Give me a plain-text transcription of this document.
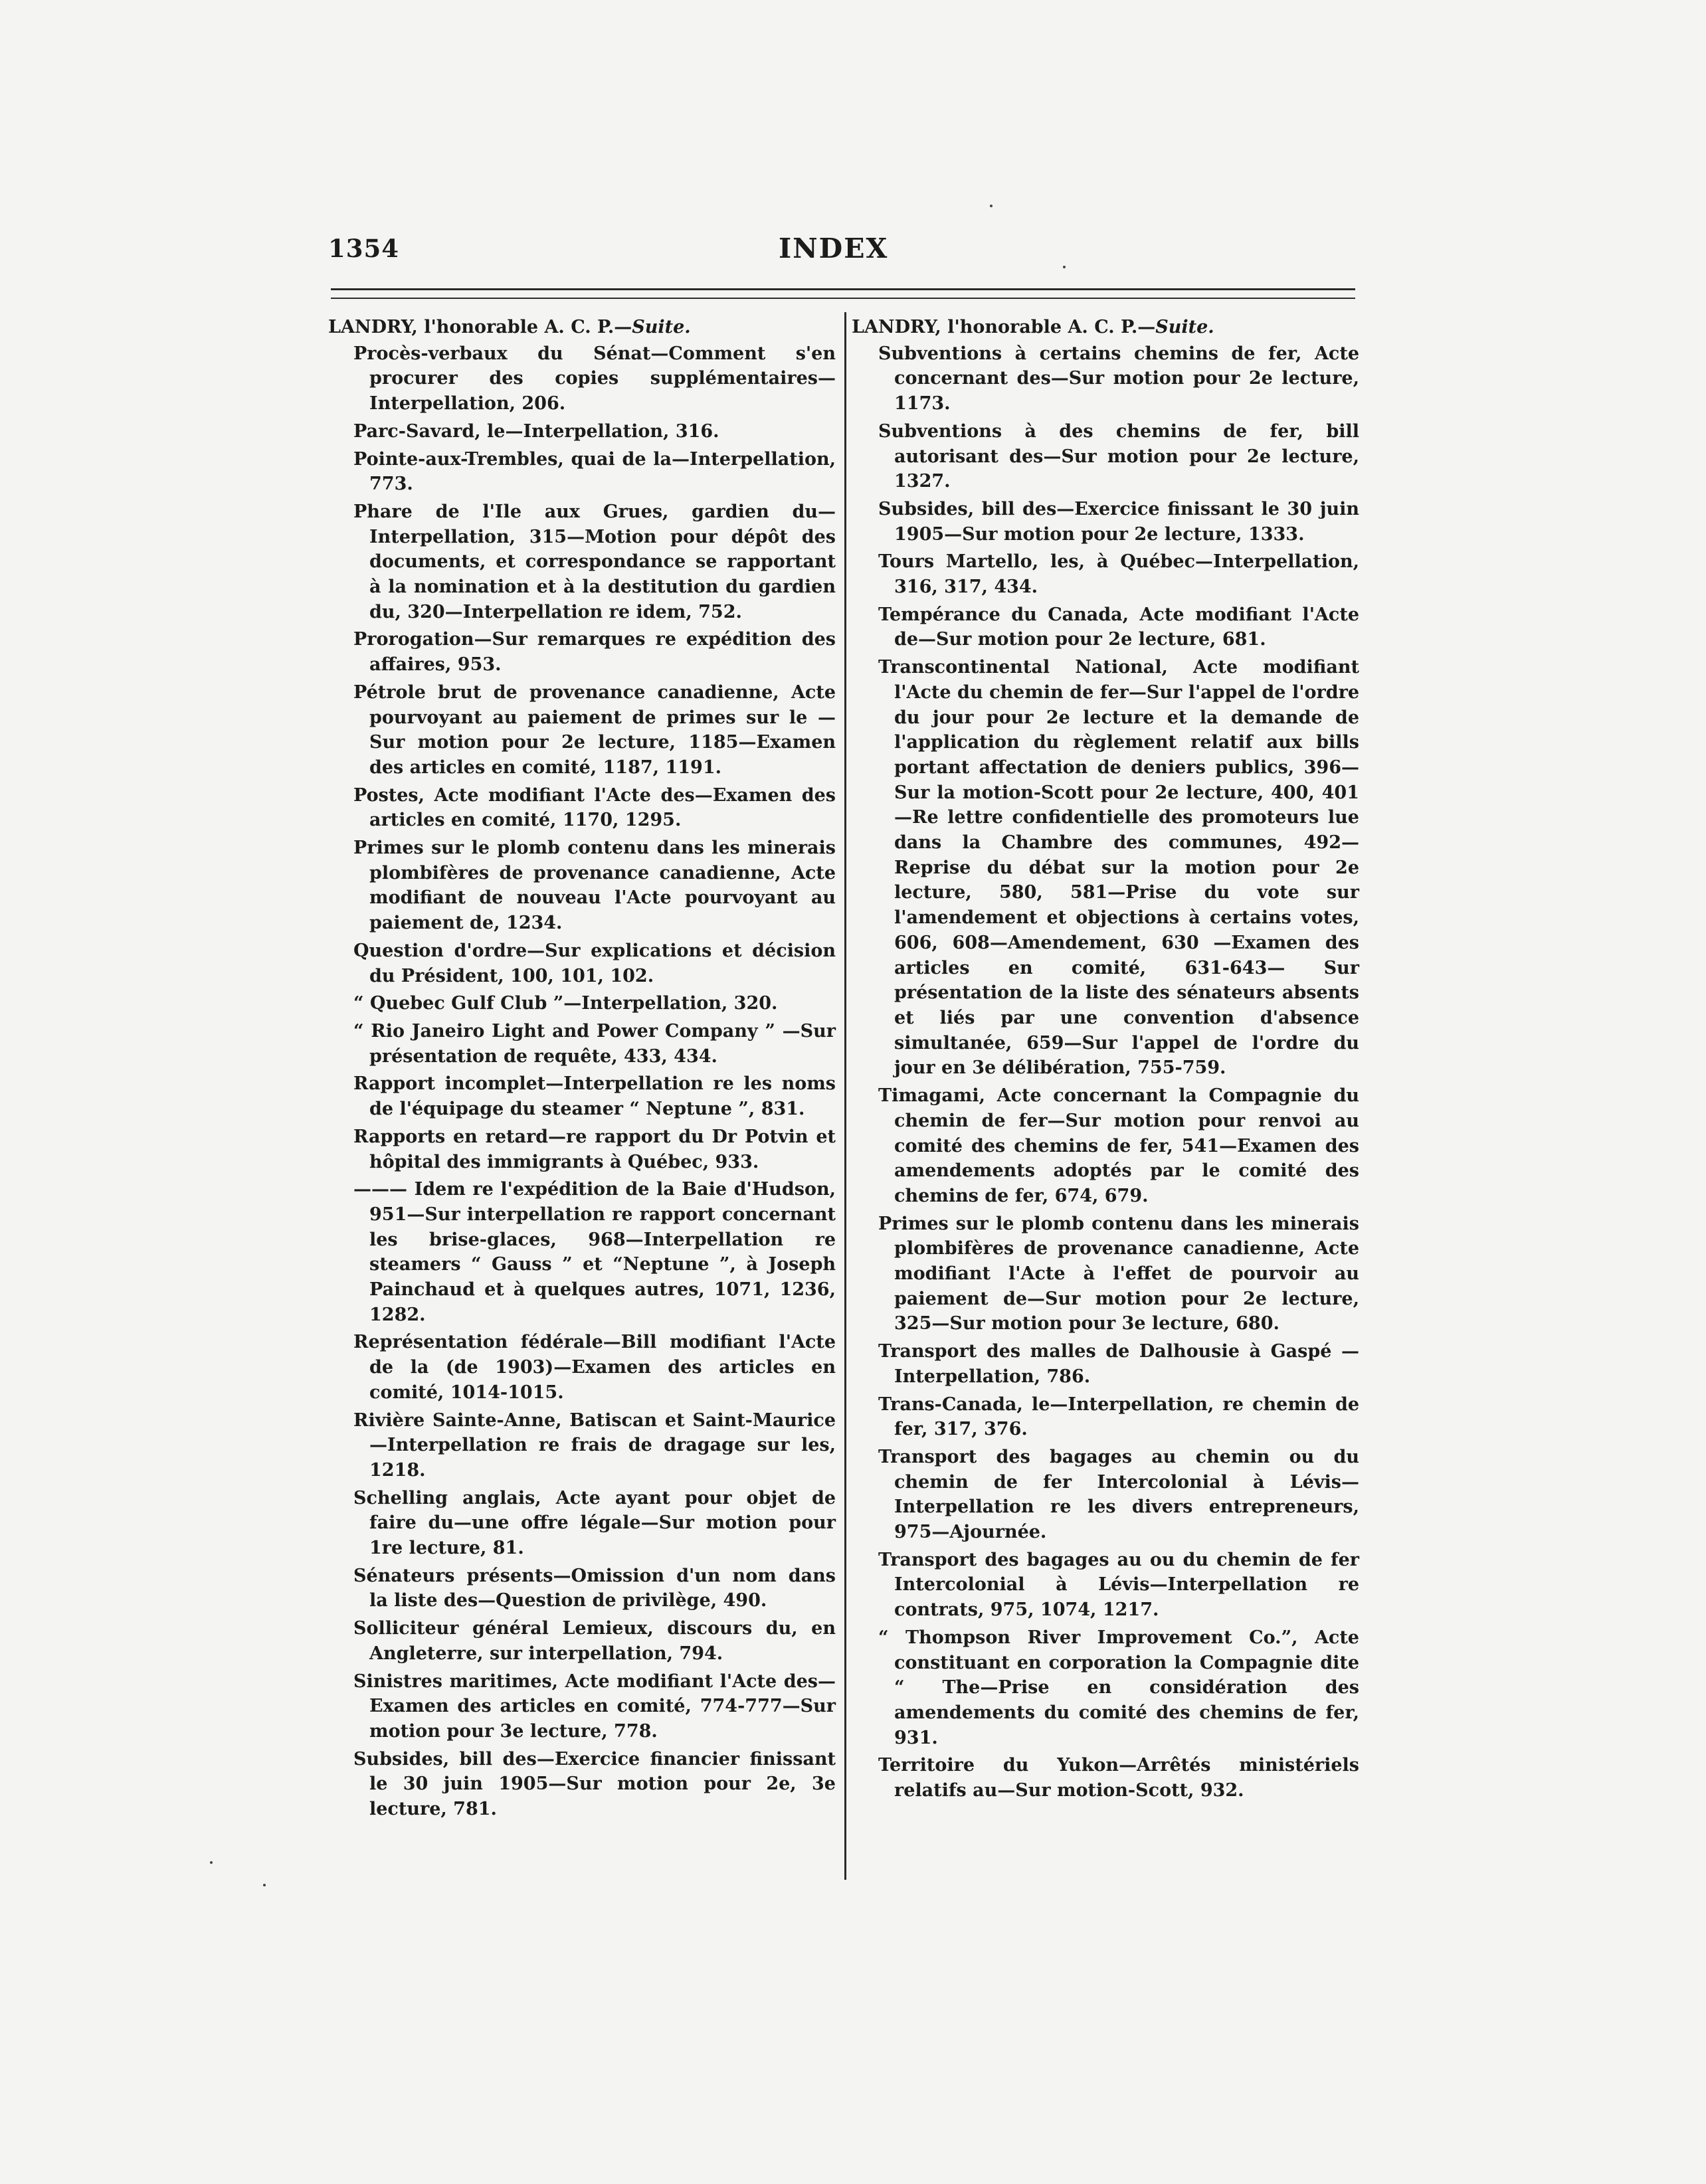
1354	INDEX

LANDRY, l'honorable A. C. P.—Suite.

Procès-verbaux du Sénat—Comment s'en procurer des copies supplémentaires—Interpellation, 206.

Parc-Savard, le—Interpellation, 316.

Pointe-aux-Trembles, quai de la—Interpellation, 773.

Phare de l'Ile aux Grues, gardien du—Interpellation, 315—Motion pour dépôt des documents, et correspondance se rapportant à la nomination et à la destitution du gardien du, 320—Interpellation re idem, 752.

Prorogation—Sur remarques re expédition des affaires, 953.

Pétrole brut de provenance canadienne, Acte pourvoyant au paiement de primes sur le —Sur motion pour 2e lecture, 1185—Examen des articles en comité, 1187, 1191.

Postes, Acte modifiant l'Acte des—Examen des articles en comité, 1170, 1295.

Primes sur le plomb contenu dans les minerais plombifères de provenance canadienne, Acte modifiant de nouveau l'Acte pourvoyant au paiement de, 1234.

Question d'ordre—Sur explications et décision du Président, 100, 101, 102.

“ Quebec Gulf Club ”—Interpellation, 320.

“ Rio Janeiro Light and Power Company ” —Sur présentation de requête, 433, 434.

Rapport incomplet—Interpellation re les noms de l'équipage du steamer “ Neptune ”, 831.

Rapports en retard—re rapport du Dr Potvin et hôpital des immigrants à Québec, 933.

——— Idem re l'expédition de la Baie d'Hudson, 951—Sur interpellation re rapport concernant les brise-glaces, 968—Interpellation re steamers “ Gauss ” et “Neptune ”, à Joseph Painchaud et à quelques autres, 1071, 1236, 1282.

Représentation fédérale—Bill modifiant l'Acte de la (de 1903)—Examen des articles en comité, 1014-1015.

Rivière Sainte-Anne, Batiscan et Saint-Maurice—Interpellation re frais de dragage sur les, 1218.

Schelling anglais, Acte ayant pour objet de faire du—une offre légale—Sur motion pour 1re lecture, 81.

Sénateurs présents—Omission d'un nom dans la liste des—Question de privilège, 490.

Solliciteur général Lemieux, discours du, en Angleterre, sur interpellation, 794.

Sinistres maritimes, Acte modifiant l'Acte des—Examen des articles en comité, 774-777—Sur motion pour 3e lecture, 778.

Subsides, bill des—Exercice financier finissant le 30 juin 1905—Sur motion pour 2e, 3e lecture, 781.

LANDRY, l'honorable A. C. P.—Suite.

Subventions à certains chemins de fer, Acte concernant des—Sur motion pour 2e lecture, 1173.

Subventions à des chemins de fer, bill autorisant des—Sur motion pour 2e lecture, 1327.

Subsides, bill des—Exercice finissant le 30 juin 1905—Sur motion pour 2e lecture, 1333.

Tours Martello, les, à Québec—Interpellation, 316, 317, 434.

Tempérance du Canada, Acte modifiant l'Acte de—Sur motion pour 2e lecture, 681.

Transcontinental National, Acte modifiant l'Acte du chemin de fer—Sur l'appel de l'ordre du jour pour 2e lecture et la demande de l'application du règlement relatif aux bills portant affectation de deniers publics, 396—Sur la motion-Scott pour 2e lecture, 400, 401—Re lettre confidentielle des promoteurs lue dans la Chambre des communes, 492—Reprise du débat sur la motion pour 2e lecture, 580, 581—Prise du vote sur l'amendement et objections à certains votes, 606, 608—Amendement, 630 —Examen des articles en comité, 631-643— Sur présentation de la liste des sénateurs absents et liés par une convention d'absence simultanée, 659—Sur l'appel de l'ordre du jour en 3e délibération, 755-759.

Timagami, Acte concernant la Compagnie du chemin de fer—Sur motion pour renvoi au comité des chemins de fer, 541—Examen des amendements adoptés par le comité des chemins de fer, 674, 679.

Primes sur le plomb contenu dans les minerais plombifères de provenance canadienne, Acte modifiant l'Acte à l'effet de pourvoir au paiement de—Sur motion pour 2e lecture, 325—Sur motion pour 3e lecture, 680.

Transport des malles de Dalhousie à Gaspé —Interpellation, 786.

Trans-Canada, le—Interpellation, re chemin de fer, 317, 376.

Transport des bagages au chemin ou du chemin de fer Intercolonial à Lévis—Interpellation re les divers entrepreneurs, 975—Ajournée.

Transport des bagages au ou du chemin de fer Intercolonial à Lévis—Interpellation re contrats, 975, 1074, 1217.

“ Thompson River Improvement Co.”, Acte constituant en corporation la Compagnie dite “ The—Prise en considération des amendements du comité des chemins de fer, 931.

Territoire du Yukon—Arrêtés ministériels relatifs au—Sur motion-Scott, 932.
